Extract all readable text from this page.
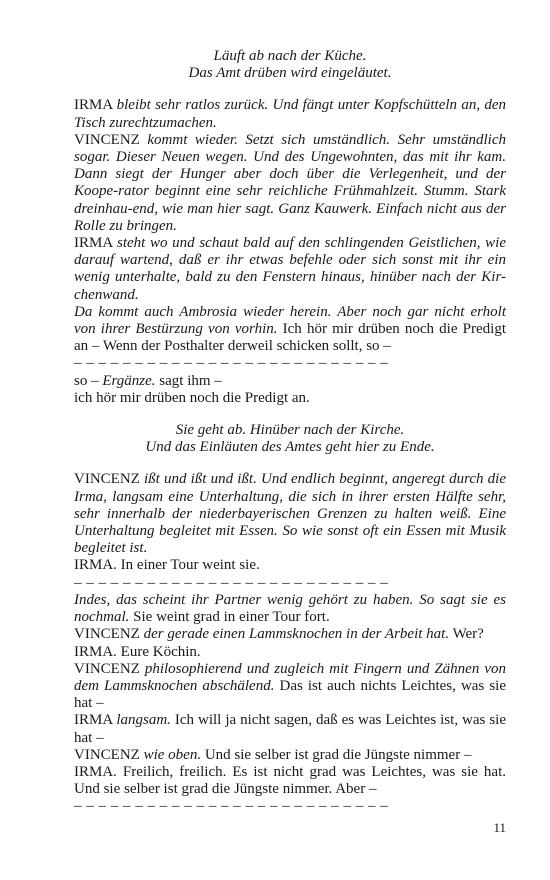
Läuft ab nach der Küche.
Das Amt drüben wird eingeläutet.

IRMA bleibt sehr ratlos zurück. Und fängt unter Kopfschütteln an, den Tisch zurechtzumachen.

VINCENZ kommt wieder. Setzt sich umständlich. Sehr umständlich sogar. Dieser Neuen wegen. Und des Ungewohnten, das mit ihr kam. Dann siegt der Hunger aber doch über die Verlegenheit, und der Koope-rator beginnt eine sehr reichliche Frühmahlzeit. Stumm. Stark dreinhau-end, wie man hier sagt. Ganz Kauwerk. Einfach nicht aus der Rolle zu bringen.

IRMA steht wo und schaut bald auf den schlingenden Geistlichen, wie darauf wartend, daß er ihr etwas befehle oder sich sonst mit ihr ein wenig unterhalte, bald zu den Fenstern hinaus, hinüber nach der Kir-chenwand.

Da kommt auch Ambrosia wieder herein. Aber noch gar nicht erholt von ihrer Bestürzung von vorhin. Ich hör mir drüben noch die Predigt an – Wenn der Posthalter derweil schicken sollt, so –

– – – – – – – – – – – – – – – – – – – – – – – – – –

so – Ergänze. sagt ihm –

ich hör mir drüben noch die Predigt an.

Sie geht ab. Hinüber nach der Kirche.
Und das Einläuten des Amtes geht hier zu Ende.

VINCENZ ißt und ißt und ißt. Und endlich beginnt, angeregt durch die Irma, langsam eine Unterhaltung, die sich in ihrer ersten Hälfte sehr, sehr innerhalb der niederbayerischen Grenzen zu halten weiß. Eine Unterhaltung begleitet mit Essen. So wie sonst oft ein Essen mit Musik begleitet ist.

IRMA. In einer Tour weint sie.

– – – – – – – – – – – – – – – – – – – – – – – – – –

Indes, das scheint ihr Partner wenig gehört zu haben. So sagt sie es nochmal. Sie weint grad in einer Tour fort.

VINCENZ der gerade einen Lammsknochen in der Arbeit hat. Wer?

IRMA. Eure Köchin.

VINCENZ philosophierend und zugleich mit Fingern und Zähnen von dem Lammsknochen abschälend. Das ist auch nichts Leichtes, was sie hat –

IRMA langsam. Ich will ja nicht sagen, daß es was Leichtes ist, was sie hat –

VINCENZ wie oben. Und sie selber ist grad die Jüngste nimmer –

IRMA. Freilich, freilich. Es ist nicht grad was Leichtes, was sie hat. Und sie selber ist grad die Jüngste nimmer. Aber –

– – – – – – – – – – – – – – – – – – – – – – – – – –
11
